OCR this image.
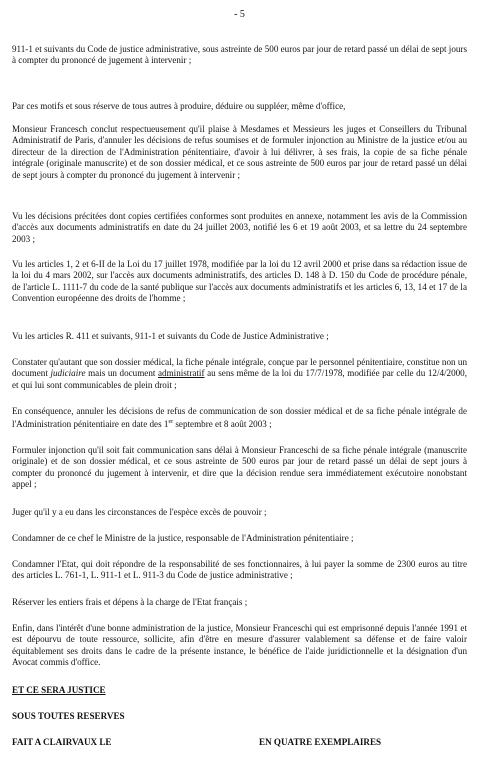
- 5

911-1 et suivants du Code de justice administrative, sous astreinte de 500 euros par jour de retard passé un délai de sept jours à compter du prononcé de jugement à intervenir ;

Par ces motifs et sous réserve de tous autres à produire, déduire ou suppléer, même d'office,

Monsieur Francesch conclut respectueusement qu'il plaise à Mesdames et Messieurs les juges et Conseillers du Tribunal Administratif de Paris, d'annuler les décisions de refus soumises et de formuler injonction au Ministre de la justice et/ou au directeur de la direction de l'Administration pénitentiaire, d'avoir à lui délivrer, à ses frais, la copie de sa fiche pénale intégrale (originale manuscrite) et de son dossier médical, et ce sous astreinte de 500 euros par jour de retard passé un délai de sept jours à compter du prononcé du jugement à intervenir ;

Vu les décisions précitées dont copies certifiées conformes sont produites en annexe, notamment les avis de la Commission d'accès aux documents administratifs en date du 24 juillet 2003, notifié les 6 et 19 août 2003, et sa lettre du 24 septembre 2003 ;

Vu les articles 1, 2 et 6-II de la Loi du 17 juillet 1978, modifiée par la loi du 12 avril 2000 et prise dans sa rédaction issue de la loi du 4 mars 2002, sur l'accès aux documents administratifs, des articles D. 148 à D. 150 du Code de procédure pénale, de l'article L. 1111-7 du code de la santé publique sur l'accès aux documents administratifs et les articles 6, 13, 14 et 17 de la Convention européenne des droits de l'homme ;

Vu les articles R. 411 et suivants, 911-1 et suivants du Code de Justice Administrative ;

Constater qu'autant que son dossier médical, la fiche pénale intégrale, conçue par le personnel pénitentiaire, constitue non un document judiciaire mais un document administratif au sens même de la loi du 17/7/1978, modifiée par celle du 12/4/2000, et qui lui sont communicables de plein droit ;

En conséquence, annuler les décisions de refus de communication de son dossier médical et de sa fiche pénale intégrale de l'Administration pénitentiaire en date des 1er septembre et 8 août 2003 ;

Formuler injonction qu'il soit fait communication sans délai à Monsieur Franceschi de sa fiche pénale intégrale (manuscrite originale) et de son dossier médical, et ce sous astreinte de 500 euros par jour de retard passé un délai de sept jours à compter du prononcé du jugement à intervenir, et dire que la décision rendue sera immédiatement exécutoire nonobstant appel ;

Juger qu'il y a eu dans les circonstances de l'espèce excès de pouvoir ;

Condamner de ce chef le Ministre de la justice, responsable de l'Administration pénitentiaire ;

Condamner l'Etat, qui doit répondre de la responsabilité de ses fonctionnaires, à lui payer la somme de 2300 euros au titre des articles L. 761-1, L. 911-1 et L. 911-3 du Code de justice administrative ;

Réserver les entiers frais et dépens à la charge de l'Etat français ;

Enfin, dans l'intérêt d'une bonne administration de la justice, Monsieur Franceschi qui est emprisonné depuis l'année 1991 et est dépourvu de toute ressource, sollicite, afin d'être en mesure d'assurer valablement sa défense et de faire valoir équitablement ses droits dans le cadre de la présente instance, le bénéfice de l'aide juridictionnelle et la désignation d'un Avocat commis d'office.

ET CE SERA JUSTICE
SOUS TOUTES RESERVES
FAIT A CLAIRVAUX LE	EN QUATRE EXEMPLAIRES
